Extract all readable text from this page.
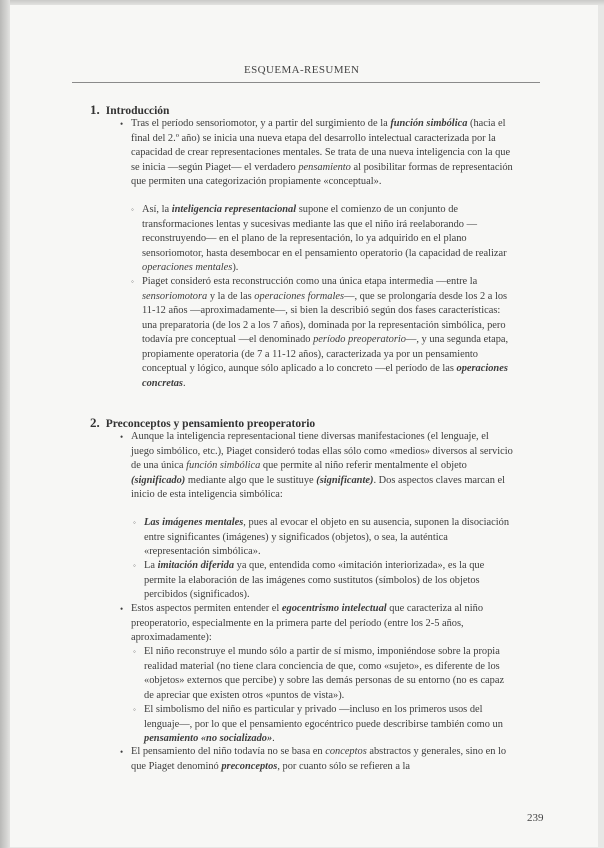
ESQUEMA-RESUMEN
1. Introducción
• Tras el período sensoriomotor, y a partir del surgimiento de la función simbólica (hacia el final del 2.º año) se inicia una nueva etapa del desarrollo intelectual caracterizada por la capacidad de crear representaciones mentales. Se trata de una nueva inteligencia con la que se inicia —según Piaget— el verdadero pensamiento al posibilitar formas de representación que permiten una categorización propiamente «conceptual».
◦ Así, la inteligencia representacional supone el comienzo de un conjunto de transformaciones lentas y sucesivas mediante las que el niño irá reelaborando —reconstruyendo— en el plano de la representación, lo ya adquirido en el plano sensoriomotor, hasta desembocar en el pensamiento operatorio (la capacidad de realizar operaciones mentales).
◦ Piaget consideró esta reconstrucción como una única etapa intermedia —entre la sensoriomotora y la de las operaciones formales—, que se prolongaría desde los 2 a los 11-12 años —aproximadamente—, si bien la describió según dos fases características: una preparatoria (de los 2 a los 7 años), dominada por la representación simbólica, pero todavía pre conceptual —el denominado período preoperatorio—, y una segunda etapa, propiamente operatoria (de 7 a 11-12 años), caracterizada ya por un pensamiento conceptual y lógico, aunque sólo aplicado a lo concreto —el período de las operaciones concretas.
2. Preconceptos y pensamiento preoperatorio
• Aunque la inteligencia representacional tiene diversas manifestaciones (el lenguaje, el juego simbólico, etc.), Piaget consideró todas ellas sólo como «medios» diversos al servicio de una única función simbólica que permite al niño referir mentalmente el objeto (significado) mediante algo que le sustituye (significante). Dos aspectos claves marcan el inicio de esta inteligencia simbólica:
◦ Las imágenes mentales, pues al evocar el objeto en su ausencia, suponen la disociación entre significantes (imágenes) y significados (objetos), o sea, la auténtica «representación simbólica».
◦ La imitación diferida ya que, entendida como «imitación interiorizada», es la que permite la elaboración de las imágenes como sustitutos (símbolos) de los objetos percibidos (significados).
• Estos aspectos permiten entender el egocentrismo intelectual que caracteriza al niño preoperatorio, especialmente en la primera parte del período (entre los 2-5 años, aproximadamente):
◦ El niño reconstruye el mundo sólo a partir de sí mismo, imponiéndose sobre la propia realidad material (no tiene clara conciencia de que, como «sujeto», es diferente de los «objetos» externos que percibe) y sobre las demás personas de su entorno (no es capaz de apreciar que existen otros «puntos de vista»).
◦ El simbolismo del niño es particular y privado —incluso en los primeros usos del lenguaje—, por lo que el pensamiento egocéntrico puede describirse también como un pensamiento «no socializado».
• El pensamiento del niño todavía no se basa en conceptos abstractos y generales, sino en lo que Piaget denominó preconceptos, por cuanto sólo se refieren a la
239
